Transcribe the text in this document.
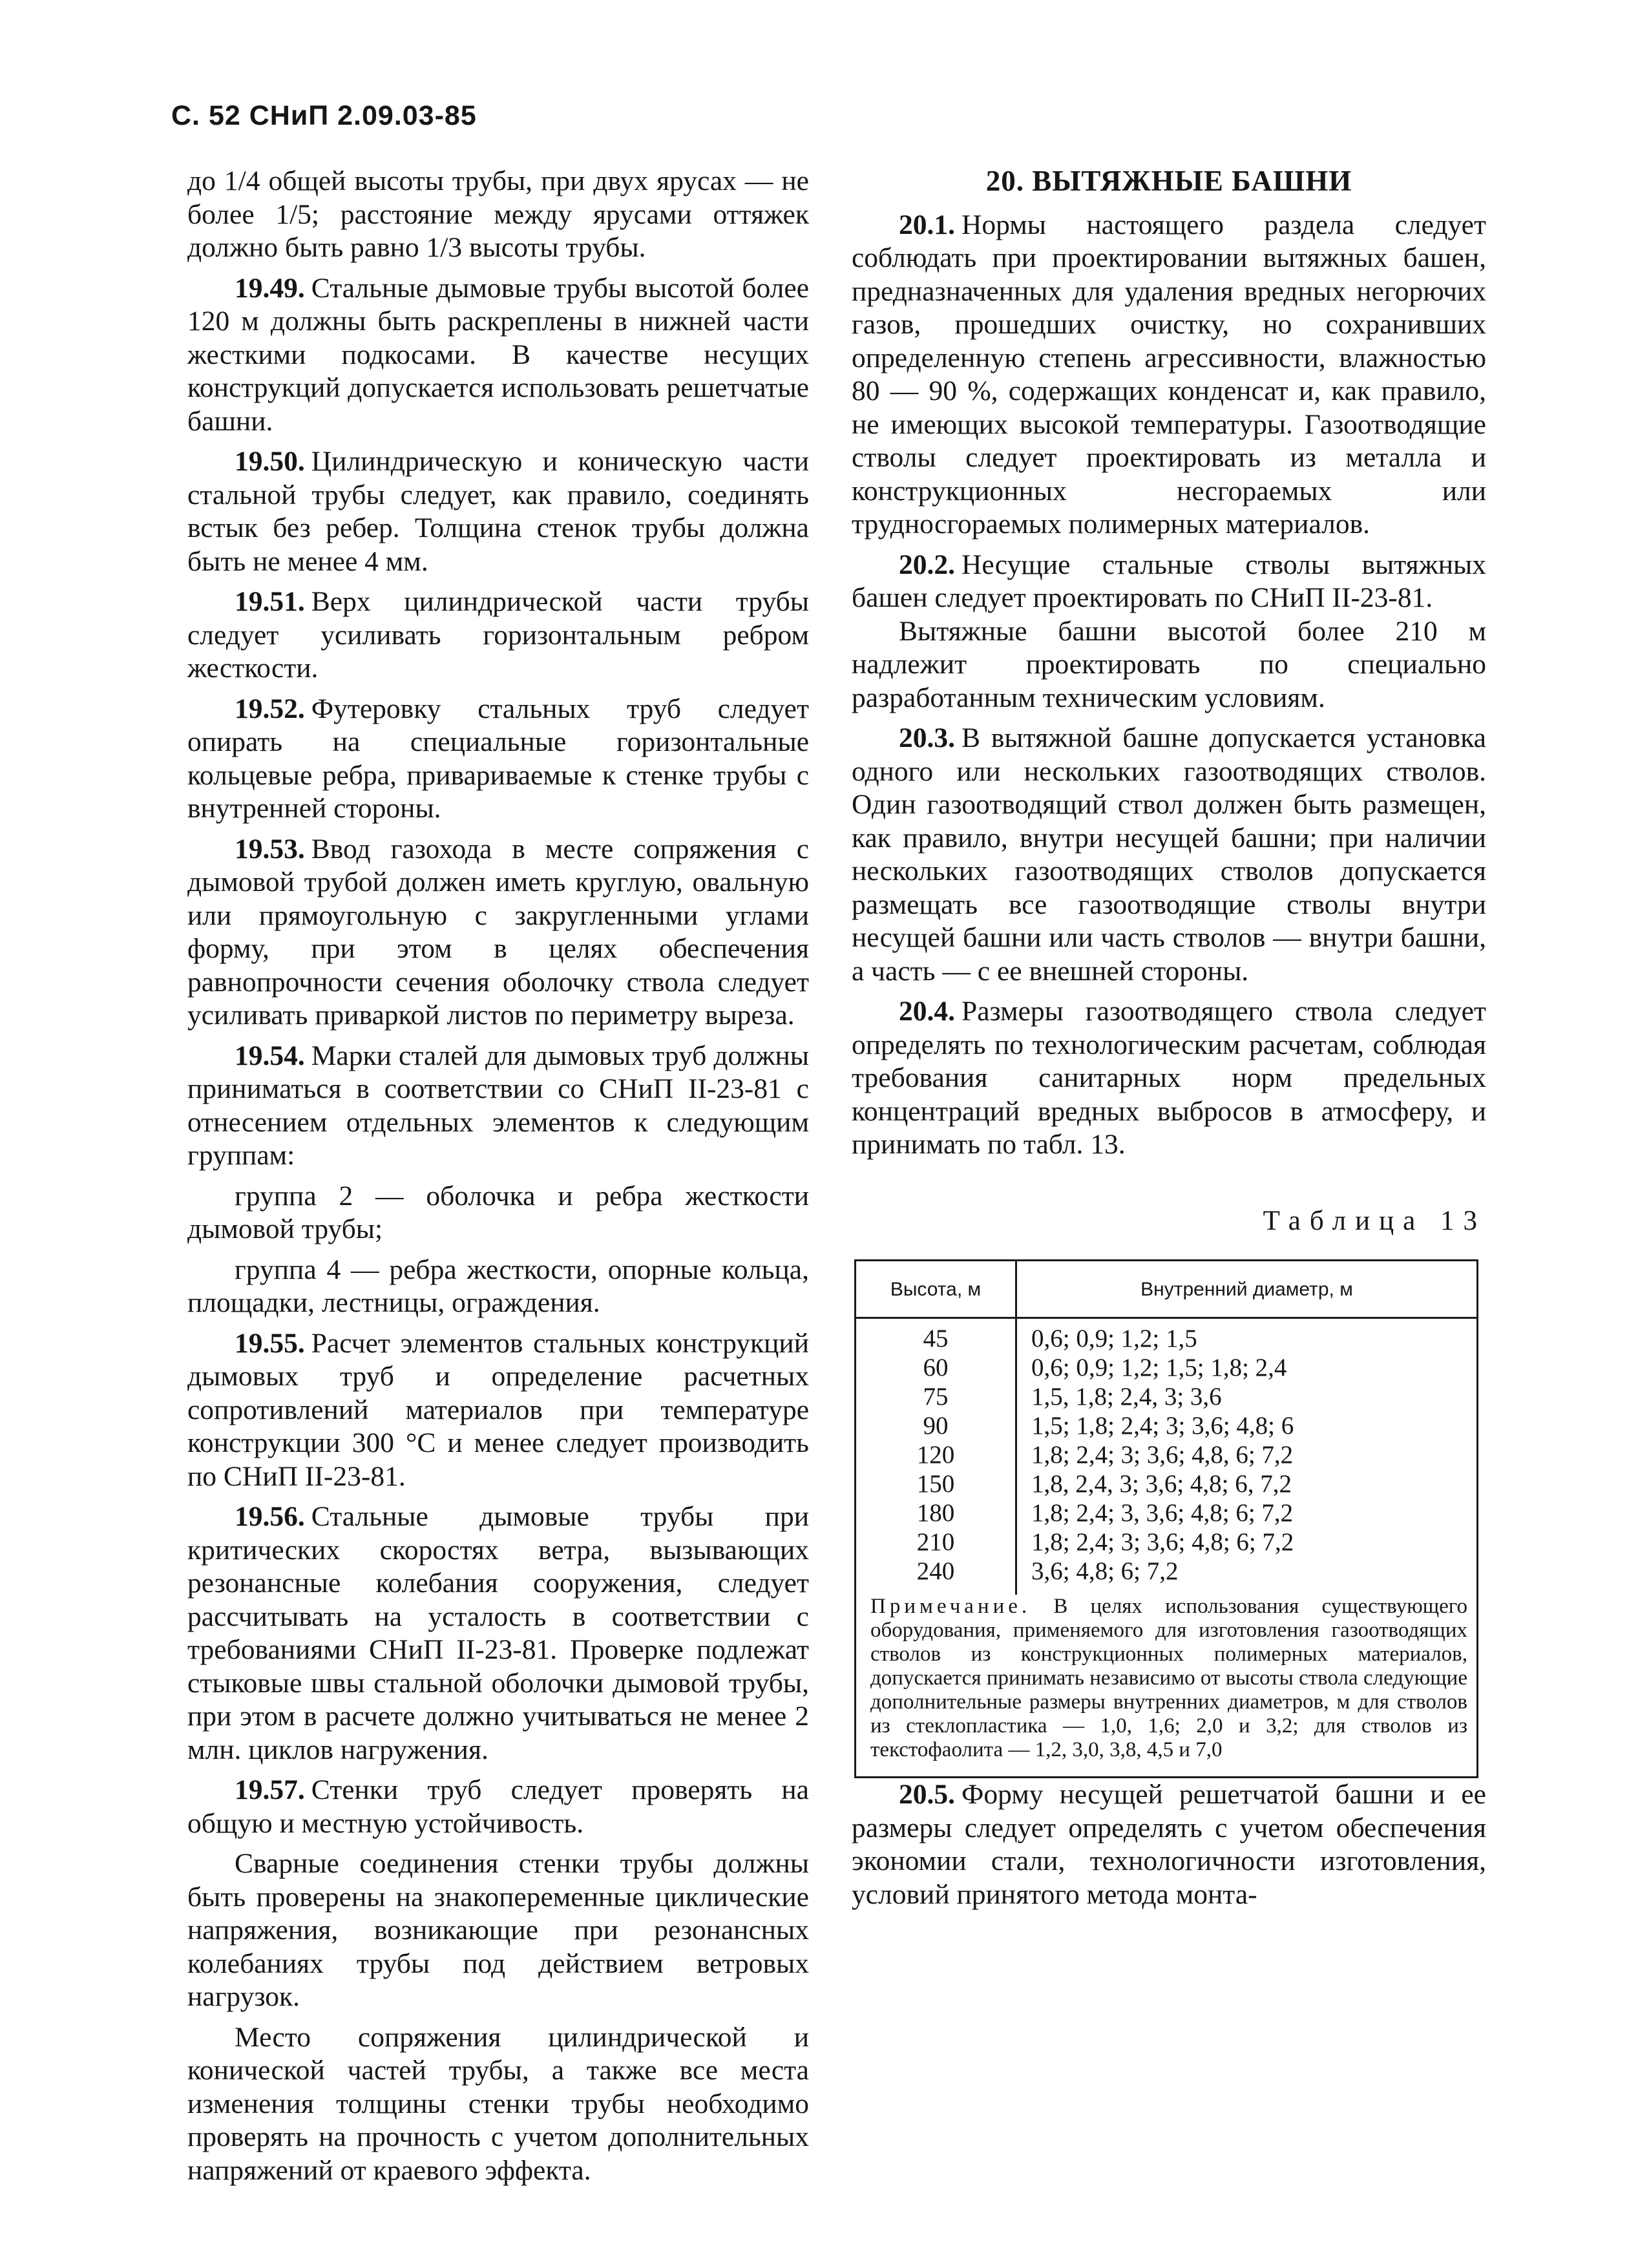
С. 52 СНиП 2.09.03-85

до 1/4 общей высоты трубы, при двух ярусах — не более 1/5; расстояние между ярусами оттяжек должно быть равно 1/3 высоты трубы.

19.49. Стальные дымовые трубы высотой более 120 м должны быть раскреплены в нижней части жесткими подкосами. В качестве несущих конструкций допускается использовать решетчатые башни.

19.50. Цилиндрическую и коническую части стальной трубы следует, как правило, соединять встык без ребер. Толщина стенок трубы должна быть не менее 4 мм.

19.51. Верх цилиндрической части трубы следует усиливать горизонтальным ребром жесткости.

19.52. Футеровку стальных труб следует опирать на специальные горизонтальные кольцевые ребра, привариваемые к стенке трубы с внутренней стороны.

19.53. Ввод газохода в месте сопряжения с дымовой трубой должен иметь круглую, овальную или прямоугольную с закругленными углами форму, при этом в целях обеспечения равнопрочности сечения оболочку ствола следует усиливать приваркой листов по периметру выреза.

19.54. Марки сталей для дымовых труб должны приниматься в соответствии со СНиП II-23-81 с отнесением отдельных элементов к следующим группам:

группа 2 — оболочка и ребра жесткости дымовой трубы;

группа 4 — ребра жесткости, опорные кольца, площадки, лестницы, ограждения.

19.55. Расчет элементов стальных конструкций дымовых труб и определение расчетных сопротивлений материалов при температуре конструкции 300 °С и менее следует производить по СНиП II-23-81.

19.56. Стальные дымовые трубы при критических скоростях ветра, вызывающих резонансные колебания сооружения, следует рассчитывать на усталость в соответствии с требованиями СНиП II-23-81. Проверке подлежат стыковые швы стальной оболочки дымовой трубы, при этом в расчете должно учитываться не менее 2 млн. циклов нагружения.

19.57. Стенки труб следует проверять на общую и местную устойчивость.

Сварные соединения стенки трубы должны быть проверены на знакопеременные циклические напряжения, возникающие при резонансных колебаниях трубы под действием ветровых нагрузок.

Место сопряжения цилиндрической и конической частей трубы, а также все места изменения толщины стенки трубы необходимо проверять на прочность с учетом дополнительных напряжений от краевого эффекта.

20. ВЫТЯЖНЫЕ БАШНИ

20.1. Нормы настоящего раздела следует соблюдать при проектировании вытяжных башен, предназначенных для удаления вредных негорючих газов, прошедших очистку, но сохранивших определенную степень агрессивности, влажностью 80 — 90 %, содержащих конденсат и, как правило, не имеющих высокой температуры. Газоотводящие стволы следует проектировать из металла и конструкционных несгораемых или трудносгораемых полимерных материалов.

20.2. Несущие стальные стволы вытяжных башен следует проектировать по СНиП II-23-81.

Вытяжные башни высотой более 210 м надлежит проектировать по специально разработанным техническим условиям.

20.3. В вытяжной башне допускается установка одного или нескольких газоотводящих стволов. Один газоотводящий ствол должен быть размещен, как правило, внутри несущей башни; при наличии нескольких газоотводящих стволов допускается размещать все газоотводящие стволы внутри несущей башни или часть стволов — внутри башни, а часть — с ее внешней стороны.

20.4. Размеры газоотводящего ствола следует определять по технологическим расчетам, соблюдая требования санитарных норм предельных концентраций вредных выбросов в атмосферу, и принимать по табл. 13.

Таблица 13
Высота, м	Внутренний диаметр, м
45	0,6; 0,9; 1,2; 1,5
60	0,6; 0,9; 1,2; 1,5; 1,8; 2,4
75	1,5, 1,8; 2,4, 3; 3,6
90	1,5; 1,8; 2,4; 3; 3,6; 4,8; 6
120	1,8; 2,4; 3; 3,6; 4,8, 6; 7,2
150	1,8, 2,4, 3; 3,6; 4,8; 6, 7,2
180	1,8; 2,4; 3, 3,6; 4,8; 6; 7,2
210	1,8; 2,4; 3; 3,6; 4,8; 6; 7,2
240	3,6; 4,8; 6; 7,2
Примечание. В целях использования существующего оборудования, применяемого для изготовления газоотводящих стволов из конструкционных полимерных материалов, допускается принимать независимо от высоты ствола следующие дополнительные размеры внутренних диаметров, м для стволов из стеклопластика — 1,0, 1,6; 2,0 и 3,2; для стволов из текстофаолита — 1,2, 3,0, 3,8, 4,5 и 7,0

20.5. Форму несущей решетчатой башни и ее размеры следует определять с учетом обеспечения экономии стали, технологичности изготовления, условий принятого метода монта-
